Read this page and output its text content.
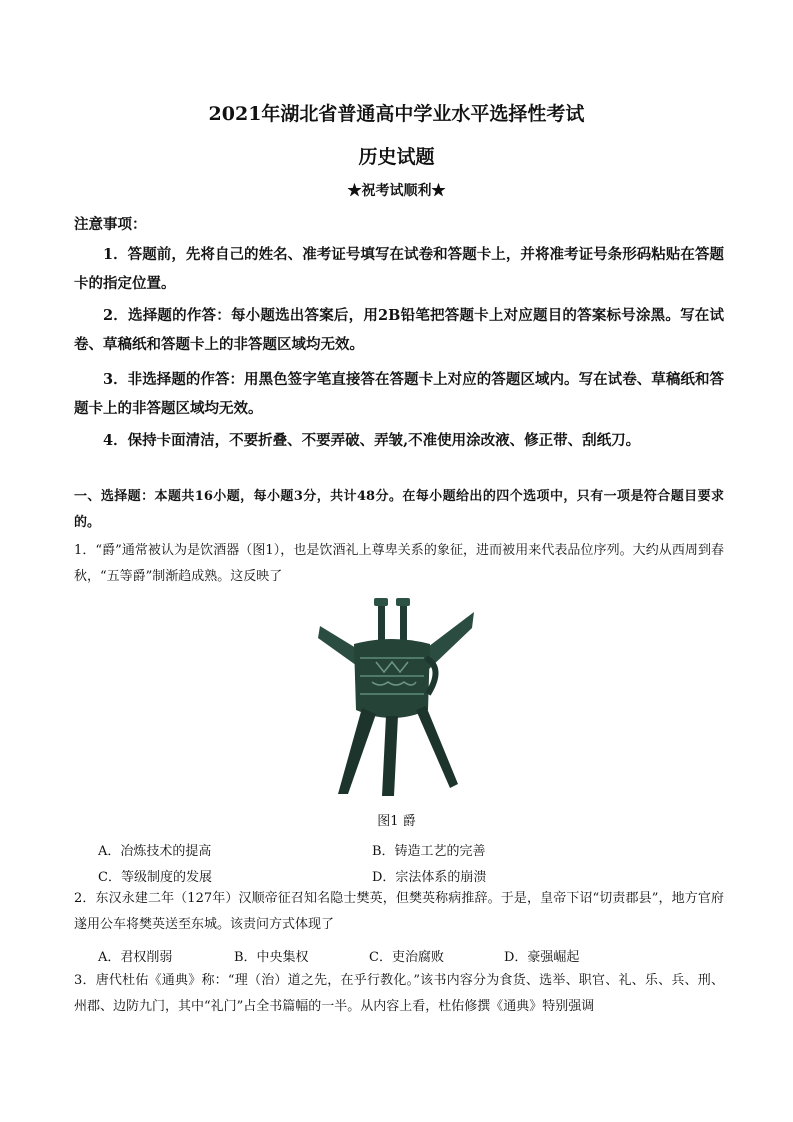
2021年湖北省普通高中学业水平选择性考试
历史试题
★祝考试顺利★
注意事项：
1．答题前，先将自己的姓名、准考证号填写在试卷和答题卡上，并将准考证号条形码粘贴在答题卡的指定位置。
2．选择题的作答：每小题选出答案后，用2B铅笔把答题卡上对应题目的答案标号涂黑。写在试卷、草稿纸和答题卡上的非答题区域均无效。
3．非选择题的作答：用黑色签字笔直接答在答题卡上对应的答题区域内。写在试卷、草稿纸和答题卡上的非答题区域均无效。
4．保持卡面清洁，不要折叠、不要弄破、弄皱,不准使用涂改液、修正带、刮纸刀。
一、选择题：本题共16小题，每小题3分，共计48分。在每小题给出的四个选项中，只有一项是符合题目要求的。
1．“爵”通常被认为是饮酒器（图1），也是饮酒礼上尊卑关系的象征，进而被用来代表品位序列。大约从西周到春秋，“五等爵”制渐趋成熟。这反映了
图1 爵
A．冶炼技术的提高	B．铸造工艺的完善
C．等级制度的发展	D．宗法体系的崩溃
2．东汉永建二年（127年）汉顺帝征召知名隐士樊英，但樊英称病推辞。于是，皇帝下诏“切责郡县”，地方官府遂用公车将樊英送至东城。该责问方式体现了
A．君权削弱	B．中央集权	C．吏治腐败	D．豪强崛起
3．唐代杜佑《通典》称：“理（治）道之先，在乎行教化。”该书内容分为食货、选举、职官、礼、乐、兵、刑、州郡、边防九门，其中“礼门”占全书篇幅的一半。从内容上看，杜佑修撰《通典》特别强调
